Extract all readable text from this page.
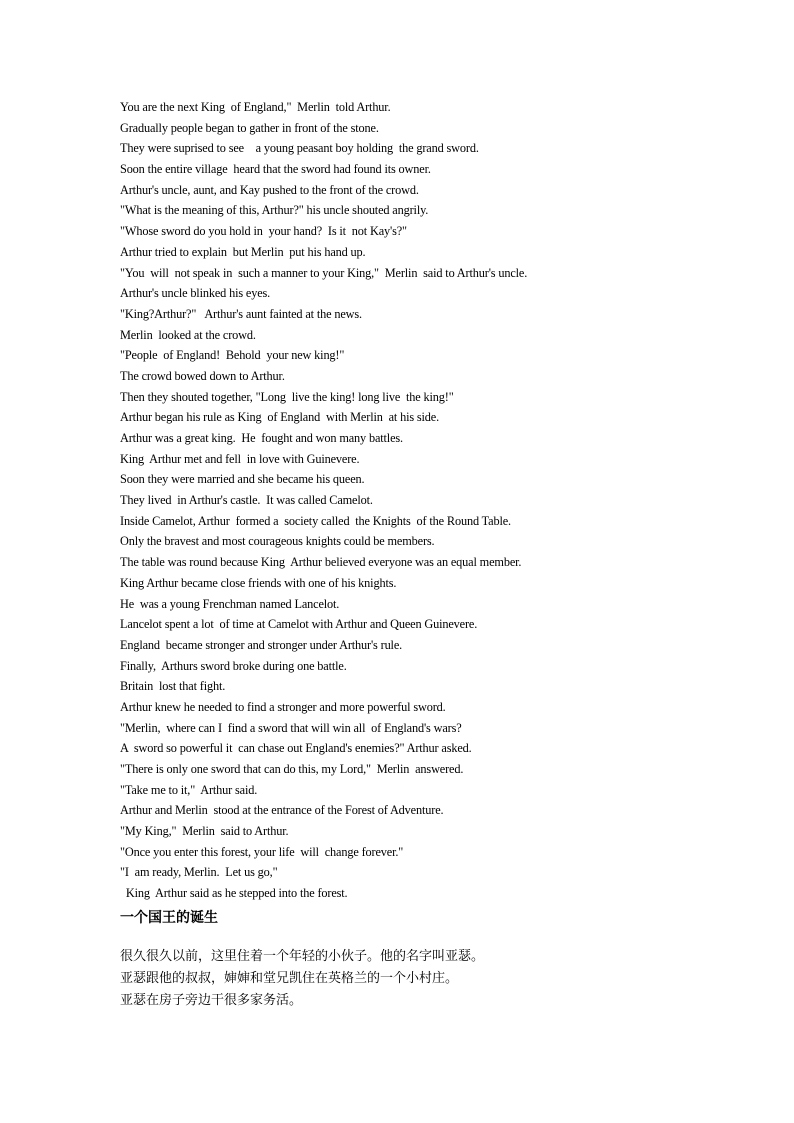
You are the next King  of England,"  Merlin  told Arthur.
Gradually people began to gather in front of the stone.
They were suprised to see    a young peasant boy holding  the grand sword.
Soon the entire village  heard that the sword had found its owner.
Arthur's uncle, aunt, and Kay pushed to the front of the crowd.
"What is the meaning of this, Arthur?" his uncle shouted angrily.
"Whose sword do you hold in  your hand?  Is it  not Kay's?"
Arthur tried to explain  but Merlin  put his hand up.
"You  will  not speak in  such a manner to your King,"  Merlin  said to Arthur's uncle.
Arthur's uncle blinked his eyes.
"King?Arthur?"   Arthur's aunt fainted at the news.
Merlin  looked at the crowd.
"People  of England!  Behold  your new king!"
The crowd bowed down to Arthur.
Then they shouted together, "Long  live the king! long live  the king!"
Arthur began his rule as King  of England  with Merlin  at his side.
Arthur was a great king.  He  fought and won many battles.
King  Arthur met and fell  in love with Guinevere.
Soon they were married and she became his queen.
They lived  in Arthur's castle.  It was called Camelot.
Inside Camelot, Arthur  formed a  society called  the Knights  of the Round Table.
Only the bravest and most courageous knights could be members.
The table was round because King  Arthur believed everyone was an equal member.
King Arthur became close friends with one of his knights.
He  was a young Frenchman named Lancelot.
Lancelot spent a lot  of time at Camelot with Arthur and Queen Guinevere.
England  became stronger and stronger under Arthur's rule.
Finally,  Arthurs sword broke during one battle.
Britain  lost that fight.
Arthur knew he needed to find a stronger and more powerful sword.
"Merlin,  where can I  find a sword that will win all  of England's wars?
A  sword so powerful it  can chase out England's enemies?" Arthur asked.
"There is only one sword that can do this, my Lord,"  Merlin  answered.
"Take me to it,"  Arthur said.
Arthur and Merlin  stood at the entrance of the Forest of Adventure.
"My King,"  Merlin  said to Arthur.
"Once you enter this forest, your life  will  change forever."
"I  am ready, Merlin.  Let us go,"
King  Arthur said as he stepped into the forest.
一个国王的诞生
很久很久以前，这里住着一个年轻的小伙子。他的名字叫亚瑟。
亚瑟跟他的叔叔，婶婶和堂兄凯住在英格兰的一个小村庄。
亚瑟在房子旁边干很多家务活。
